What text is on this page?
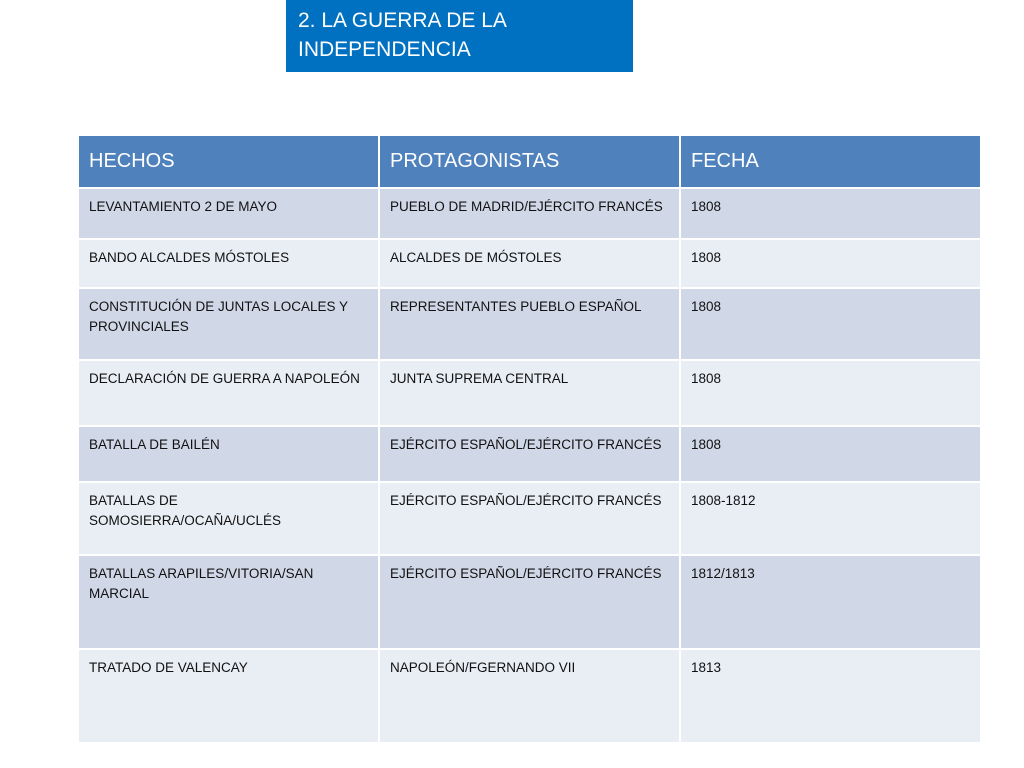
2. LA GUERRA DE LA
INDEPENDENCIA
HECHOS	PROTAGONISTAS	FECHA
LEVANTAMIENTO 2 DE MAYO	PUEBLO DE MADRID/EJÉRCITO FRANCÉS	1808
BANDO ALCALDES MÓSTOLES	ALCALDES DE MÓSTOLES	1808
CONSTITUCIÓN DE JUNTAS LOCALES Y PROVINCIALES	REPRESENTANTES PUEBLO ESPAÑOL	1808
DECLARACIÓN DE GUERRA A NAPOLEÓN	JUNTA SUPREMA CENTRAL	1808
BATALLA DE BAILÉN	EJÉRCITO ESPAÑOL/EJÉRCITO FRANCÉS	1808
BATALLAS DE SOMOSIERRA/OCAÑA/UCLÉS	EJÉRCITO ESPAÑOL/EJÉRCITO FRANCÉS	1808-1812
BATALLAS ARAPILES/VITORIA/SAN MARCIAL	EJÉRCITO ESPAÑOL/EJÉRCITO FRANCÉS	1812/1813
TRATADO DE VALENCAY	NAPOLEÓN/FGERNANDO VII	1813
